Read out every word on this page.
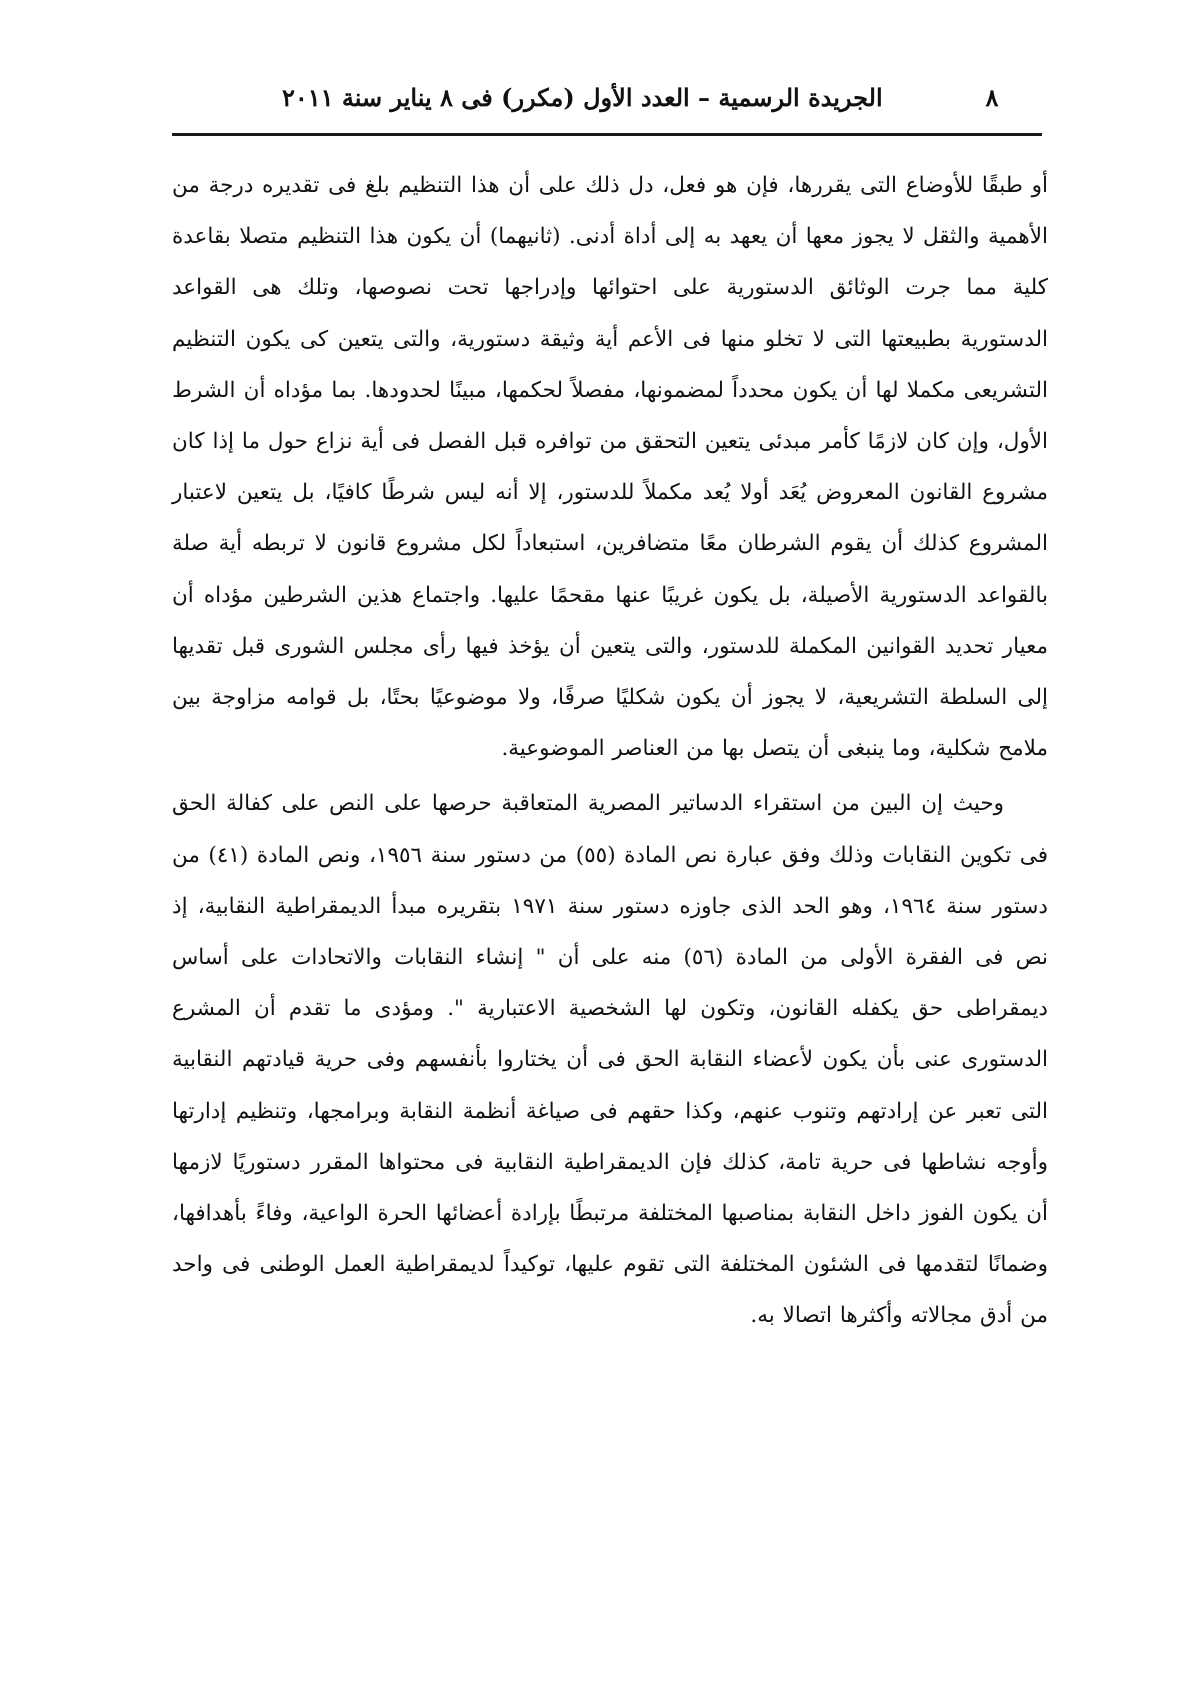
٨
الجريدة الرسمية – العدد الأول (مكرر) فى ٨ يناير سنة ٢٠١١

أو طبقًا للأوضاع التى يقررها، فإن هو فعل، دل ذلك على أن هذا التنظيم بلغ فى تقديره درجة من الأهمية والثقل لا يجوز معها أن يعهد به إلى أداة أدنى. (ثانيهما) أن يكون هذا التنظيم متصلا بقاعدة كلية مما جرت الوثائق الدستورية على احتوائها وإدراجها تحت نصوصها، وتلك هى القواعد الدستورية بطبيعتها التى لا تخلو منها فى الأعم أية وثيقة دستورية، والتى يتعين كى يكون التنظيم التشريعى مكملا لها أن يكون محدداً لمضمونها، مفصلاً لحكمها، مبينًا لحدودها. بما مؤداه أن الشرط الأول، وإن كان لازمًا كأمر مبدئى يتعين التحقق من توافره قبل الفصل فى أية نزاع حول ما إذا كان مشروع القانون المعروض يُعَد أولا يُعد مكملاً للدستور، إلا أنه ليس شرطًا كافيًا، بل يتعين لاعتبار المشروع كذلك أن يقوم الشرطان معًا متضافرين، استبعاداً لكل مشروع قانون لا تربطه أية صلة بالقواعد الدستورية الأصيلة، بل يكون غريبًا عنها مقحمًا عليها. واجتماع هذين الشرطين مؤداه أن معيار تحديد القوانين المكملة للدستور، والتى يتعين أن يؤخذ فيها رأى مجلس الشورى قبل تقديها إلى السلطة التشريعية، لا يجوز أن يكون شكليًا صرفًا، ولا موضوعيًا بحتًا، بل قوامه مزاوجة بين ملامح شكلية، وما ينبغى أن يتصل بها من العناصر الموضوعية.

وحيث إن البين من استقراء الدساتير المصرية المتعاقبة حرصها على النص على كفالة الحق فى تكوين النقابات وذلك وفق عبارة نص المادة (٥٥) من دستور سنة ١٩٥٦، ونص المادة (٤١) من دستور سنة ١٩٦٤، وهو الحد الذى جاوزه دستور سنة ١٩٧١ بتقريره مبدأ الديمقراطية النقابية، إذ نص فى الفقرة الأولى من المادة (٥٦) منه على أن " إنشاء النقابات والاتحادات على أساس ديمقراطى حق يكفله القانون، وتكون لها الشخصية الاعتبارية ". ومؤدى ما تقدم أن المشرع الدستورى عنى بأن يكون لأعضاء النقابة الحق فى أن يختاروا بأنفسهم وفى حرية قيادتهم النقابية التى تعبر عن إرادتهم وتنوب عنهم، وكذا حقهم فى صياغة أنظمة النقابة وبرامجها، وتنظيم إدارتها وأوجه نشاطها فى حرية تامة، كذلك فإن الديمقراطية النقابية فى محتواها المقرر دستوريًا لازمها أن يكون الفوز داخل النقابة بمناصبها المختلفة مرتبطًا بإرادة أعضائها الحرة الواعية، وفاءً بأهدافها، وضمانًا لتقدمها فى الشئون المختلفة التى تقوم عليها، توكيداً لديمقراطية العمل الوطنى فى واحد من أدق مجالاته وأكثرها اتصالا به.
